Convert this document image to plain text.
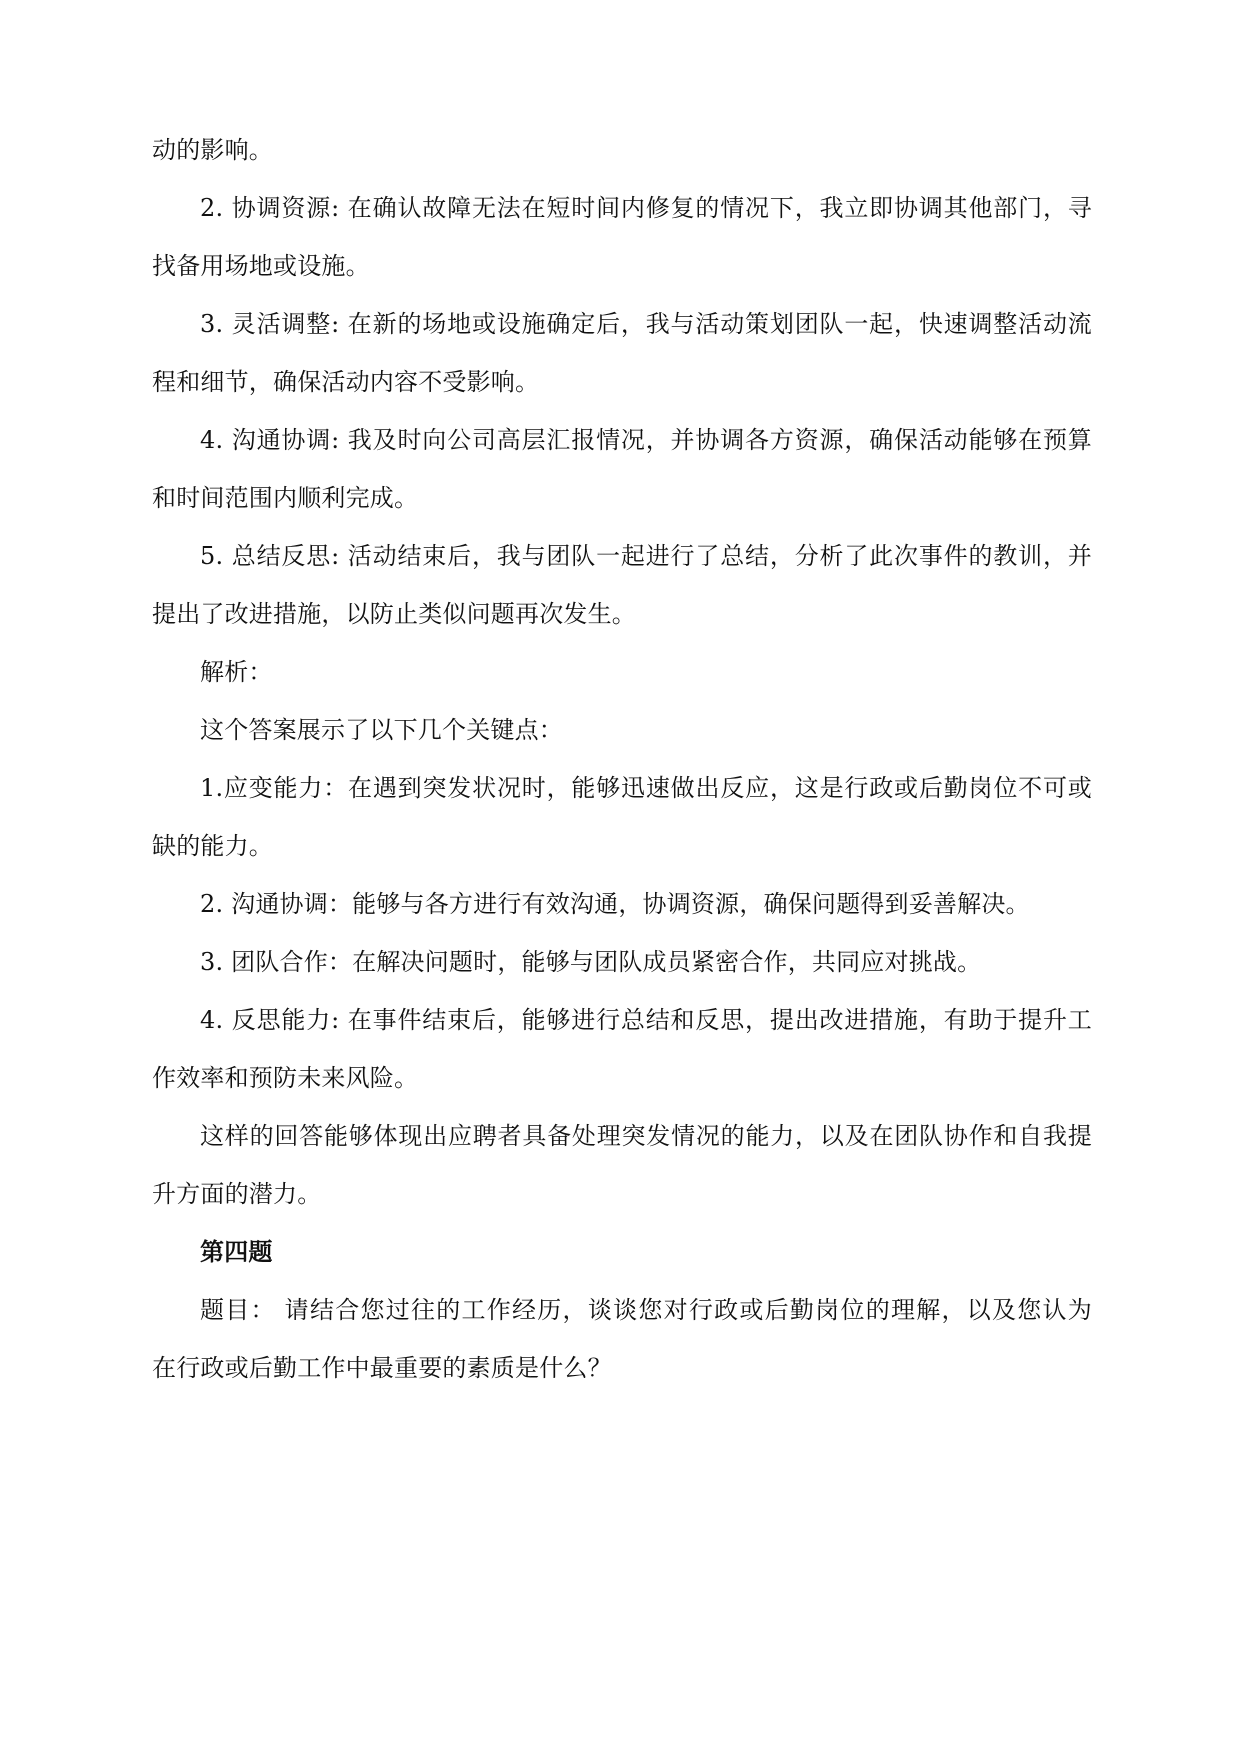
动的影响。
2. 协调资源: 在确认故障无法在短时间内修复的情况下，我立即协调其他部门，寻
找备用场地或设施。
3. 灵活调整: 在新的场地或设施确定后，我与活动策划团队一起，快速调整活动流
程和细节，确保活动内容不受影响。
4. 沟通协调: 我及时向公司高层汇报情况，并协调各方资源，确保活动能够在预算
和时间范围内顺利完成。
5. 总结反思: 活动结束后，我与团队一起进行了总结，分析了此次事件的教训，并
提出了改进措施，以防止类似问题再次发生。
解析：
这个答案展示了以下几个关键点：
1.应变能力：在遇到突发状况时，能够迅速做出反应，这是行政或后勤岗位不可或
缺的能力。
2. 沟通协调：能够与各方进行有效沟通，协调资源，确保问题得到妥善解决。
3. 团队合作：在解决问题时，能够与团队成员紧密合作，共同应对挑战。
4. 反思能力: 在事件结束后，能够进行总结和反思，提出改进措施，有助于提升工
作效率和预防未来风险。
这样的回答能够体现出应聘者具备处理突发情况的能力，以及在团队协作和自我提
升方面的潜力。
第四题
题目： 请结合您过往的工作经历，谈谈您对行政或后勤岗位的理解，以及您认为
在行政或后勤工作中最重要的素质是什么？
